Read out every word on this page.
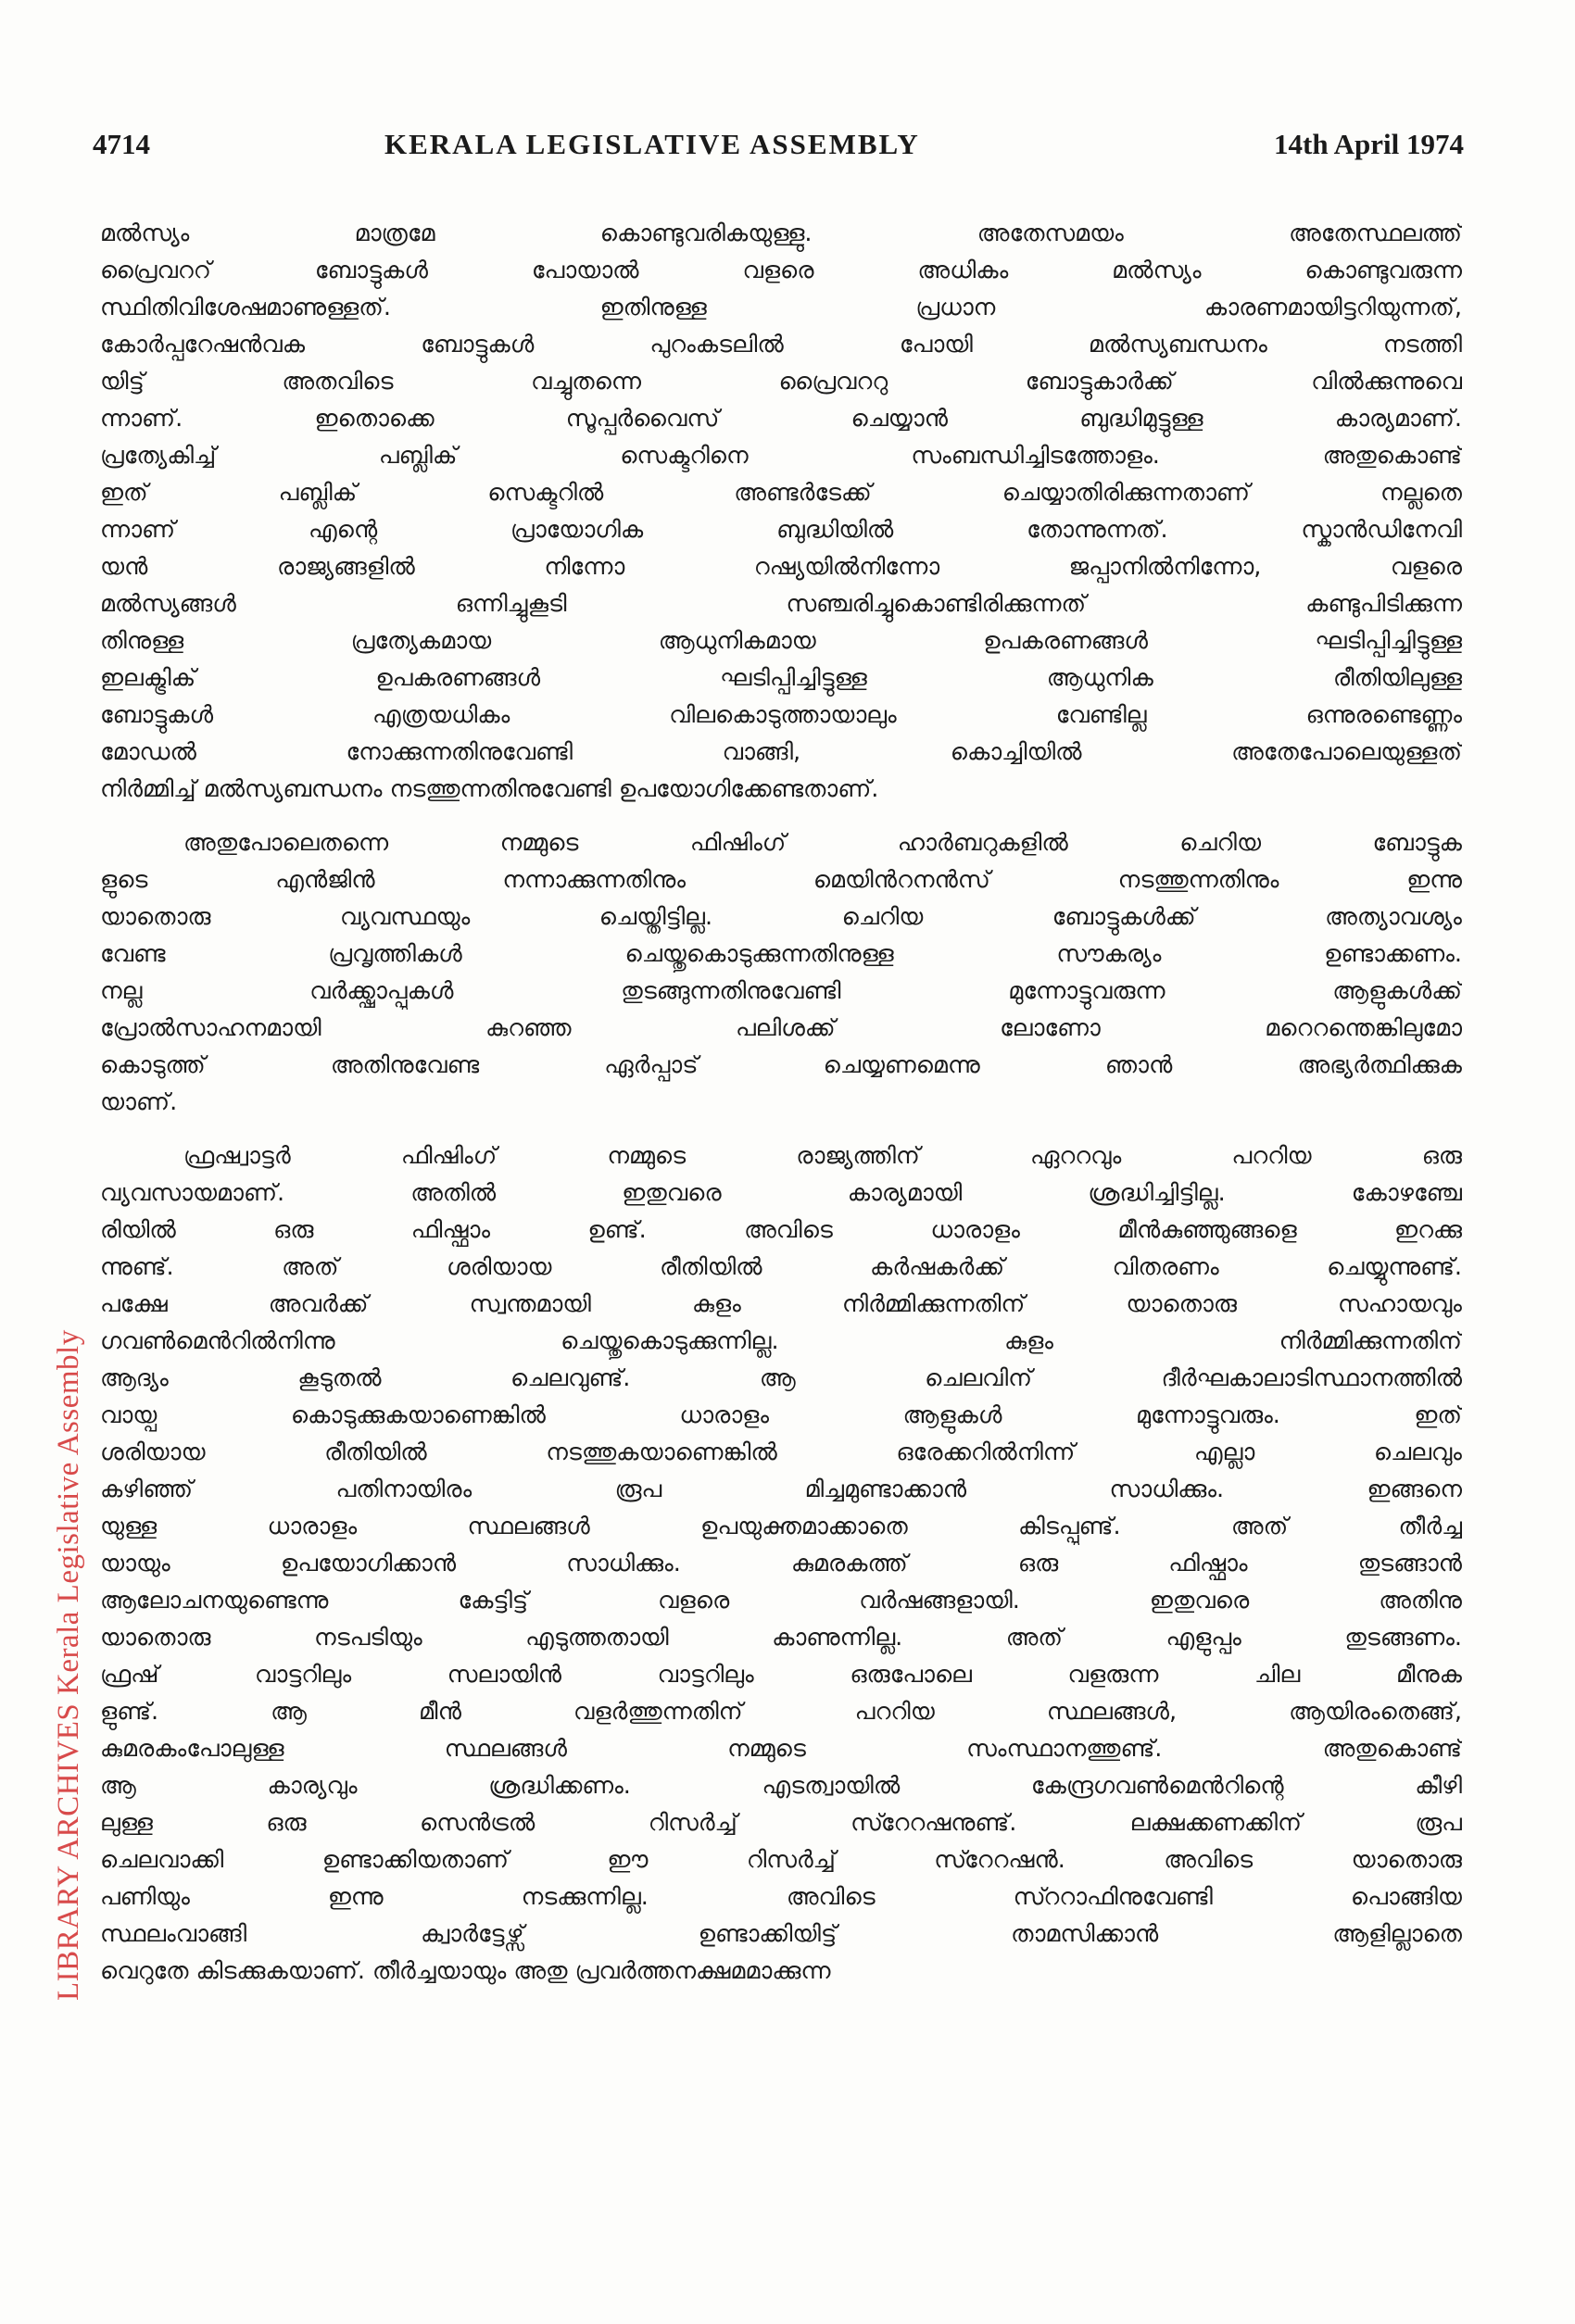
4714	KERALA LEGISLATIVE ASSEMBLY	14th April 1974
LIBRARY ARCHIVES Kerala Legislative Assembly
മൽസ്യം മാത്രമേ കൊണ്ടുവരികയുള്ളു. അതേസമയം അതേസ്ഥലത്ത്
പ്രൈവററ് ബോട്ടുകൾ പോയാൽ വളരെ അധികം മൽസ്യം കൊണ്ടുവരുന്ന
സ്ഥിതിവിശേഷമാണുള്ളത്. ഇതിനുള്ള പ്രധാന കാരണമായിട്ടറിയുന്നത്,
കോർപ്പറേഷൻവക ബോട്ടുകൾ പുറംകടലിൽ പോയി മൽസ്യബന്ധനം നടത്തി
യിട്ട് അതവിടെ വച്ചുതന്നെ പ്രൈവററു ബോട്ടുകാർക്ക് വിൽക്കുന്നുവെ
ന്നാണ്. ഇതൊക്കെ സൂപ്പർവൈസ് ചെയ്യാൻ ബുദ്ധിമുട്ടുള്ള കാര്യമാണ്.
പ്രത്യേകിച്ച് പബ്ലിക് സെക്ടറിനെ സംബന്ധിച്ചിടത്തോളം. അതുകൊണ്ട്
ഇത് പബ്ലിക് സെക്ടറിൽ അണ്ടർടേക്ക് ചെയ്യാതിരിക്കുന്നതാണ് നല്ലതെ
ന്നാണ് എന്റെ പ്രായോഗിക ബുദ്ധിയിൽ തോന്നുന്നത്. സ്കാൻഡിനേവി
യൻ രാജ്യങ്ങളിൽ നിന്നോ റഷ്യയിൽനിന്നോ ജപ്പാനിൽനിന്നോ, വളരെ
മൽസ്യങ്ങൾ ഒന്നിച്ചുകൂടി സഞ്ചരിച്ചുകൊണ്ടിരിക്കുന്നത് കണ്ടുപിടിക്കുന്ന
തിനുള്ള പ്രത്യേകമായ ആധുനികമായ ഉപകരണങ്ങൾ ഘടിപ്പിച്ചിട്ടുള്ള
ഇലക്ട്രിക് ഉപകരണങ്ങൾ ഘടിപ്പിച്ചിട്ടുള്ള ആധുനിക രീതിയിലുള്ള
ബോട്ടുകൾ എത്രയധികം വിലകൊടുത്തായാലും വേണ്ടില്ല ഒന്നുരണ്ടെണ്ണം
മോഡൽ നോക്കുന്നതിനുവേണ്ടി വാങ്ങി, കൊച്ചിയിൽ അതേപോലെയുള്ളത്
നിർമ്മിച്ച് മൽസ്യബന്ധനം നടത്തുന്നതിനുവേണ്ടി ഉപയോഗിക്കേണ്ടതാണ്.
അതുപോലെതന്നെ നമ്മുടെ ഫിഷിംഗ് ഹാർബറുകളിൽ ചെറിയ ബോട്ടുക
ളുടെ എൻജിൻ നന്നാക്കുന്നതിനും മെയിൻറനൻസ് നടത്തുന്നതിനും ഇന്നു
യാതൊരു വ്യവസ്ഥയും ചെയ്തിട്ടില്ല. ചെറിയ ബോട്ടുകൾക്ക് അത്യാവശ്യം
വേണ്ട പ്രവൃത്തികൾ ചെയ്തുകൊടുക്കുന്നതിനുള്ള സൗകര്യം ഉണ്ടാക്കണം.
നല്ല വർക്ക്ഷാപ്പുകൾ തുടങ്ങുന്നതിനുവേണ്ടി മുന്നോട്ടുവരുന്ന ആളുകൾക്ക്
പ്രോൽസാഹനമായി കുറഞ്ഞ പലിശക്ക് ലോണോ മറെറന്തെങ്കിലുമോ
കൊടുത്ത് അതിനുവേണ്ട ഏർപ്പാട് ചെയ്യണമെന്നു ഞാൻ അഭ്യർത്ഥിക്കുക
യാണ്.
ഫ്രഷ്വാട്ടർ ഫിഷിംഗ് നമ്മുടെ രാജ്യത്തിന് ഏററവും പററിയ ഒരു
വ്യവസായമാണ്. അതിൽ ഇതുവരെ കാര്യമായി ശ്രദ്ധിച്ചിട്ടില്ല. കോഴഞ്ചേ
രിയിൽ ഒരു ഫിഷ്ഫാം ഉണ്ട്. അവിടെ ധാരാളം മീൻകുഞ്ഞുങ്ങളെ ഇറക്കു
ന്നുണ്ട്. അത് ശരിയായ രീതിയിൽ കർഷകർക്ക് വിതരണം ചെയ്യുന്നുണ്ട്.
പക്ഷേ അവർക്ക് സ്വന്തമായി കുളം നിർമ്മിക്കുന്നതിന് യാതൊരു സഹായവും
ഗവൺമെൻറിൽനിന്നു ചെയ്തുകൊടുക്കുന്നില്ല. കുളം നിർമ്മിക്കുന്നതിന്
ആദ്യം കൂടുതൽ ചെലവുണ്ട്. ആ ചെലവിന് ദീർഘകാലാടിസ്ഥാനത്തിൽ
വായ്പ കൊടുക്കുകയാണെങ്കിൽ ധാരാളം ആളുകൾ മുന്നോട്ടുവരും. ഇത്
ശരിയായ രീതിയിൽ നടത്തുകയാണെങ്കിൽ ഒരേക്കറിൽനിന്ന് എല്ലാ ചെലവും
കഴിഞ്ഞ് പതിനായിരം രൂപ മിച്ചമുണ്ടാക്കാൻ സാധിക്കും. ഇങ്ങനെ
യുള്ള ധാരാളം സ്ഥലങ്ങൾ ഉപയുക്തമാക്കാതെ കിടപ്പുണ്ട്. അത് തീർച്ച
യായും ഉപയോഗിക്കാൻ സാധിക്കും. കുമരകത്ത് ഒരു ഫിഷ്ഫാം തുടങ്ങാൻ
ആലോചനയുണ്ടെന്നു കേട്ടിട്ട് വളരെ വർഷങ്ങളായി. ഇതുവരെ അതിനു
യാതൊരു നടപടിയും എടുത്തതായി കാണുന്നില്ല. അത് എളുപ്പം തുടങ്ങണം.
ഫ്രഷ് വാട്ടറിലും സലായിൻ വാട്ടറിലും ഒരുപോലെ വളരുന്ന ചില മീനുക
ളുണ്ട്. ആ മീൻ വളർത്തുന്നതിന് പററിയ സ്ഥലങ്ങൾ, ആയിരംതെങ്ങ്,
കുമരകംപോലുള്ള സ്ഥലങ്ങൾ നമ്മുടെ സംസ്ഥാനത്തുണ്ട്. അതുകൊണ്ട്
ആ കാര്യവും ശ്രദ്ധിക്കണം. എടത്വായിൽ കേന്ദ്രഗവൺമെൻറിന്റെ കീഴി
ലുള്ള ഒരു സെൻട്രൽ റിസർച്ച് സ്റേറഷനുണ്ട്. ലക്ഷക്കണക്കിന് രൂപ
ചെലവാക്കി ഉണ്ടാക്കിയതാണ് ഈ റിസർച്ച് സ്റേറഷൻ. അവിടെ യാതൊരു
പണിയും ഇന്നു നടക്കുന്നില്ല. അവിടെ സ്ററാഫിനുവേണ്ടി പൊങ്ങിയ
സ്ഥലംവാങ്ങി ക്വാർട്ടേഴ്സ് ഉണ്ടാക്കിയിട്ട് താമസിക്കാൻ ആളില്ലാതെ
വെറുതേ കിടക്കുകയാണ്. തീർച്ചയായും അതു പ്രവർത്തനക്ഷമമാക്കുന്ന
